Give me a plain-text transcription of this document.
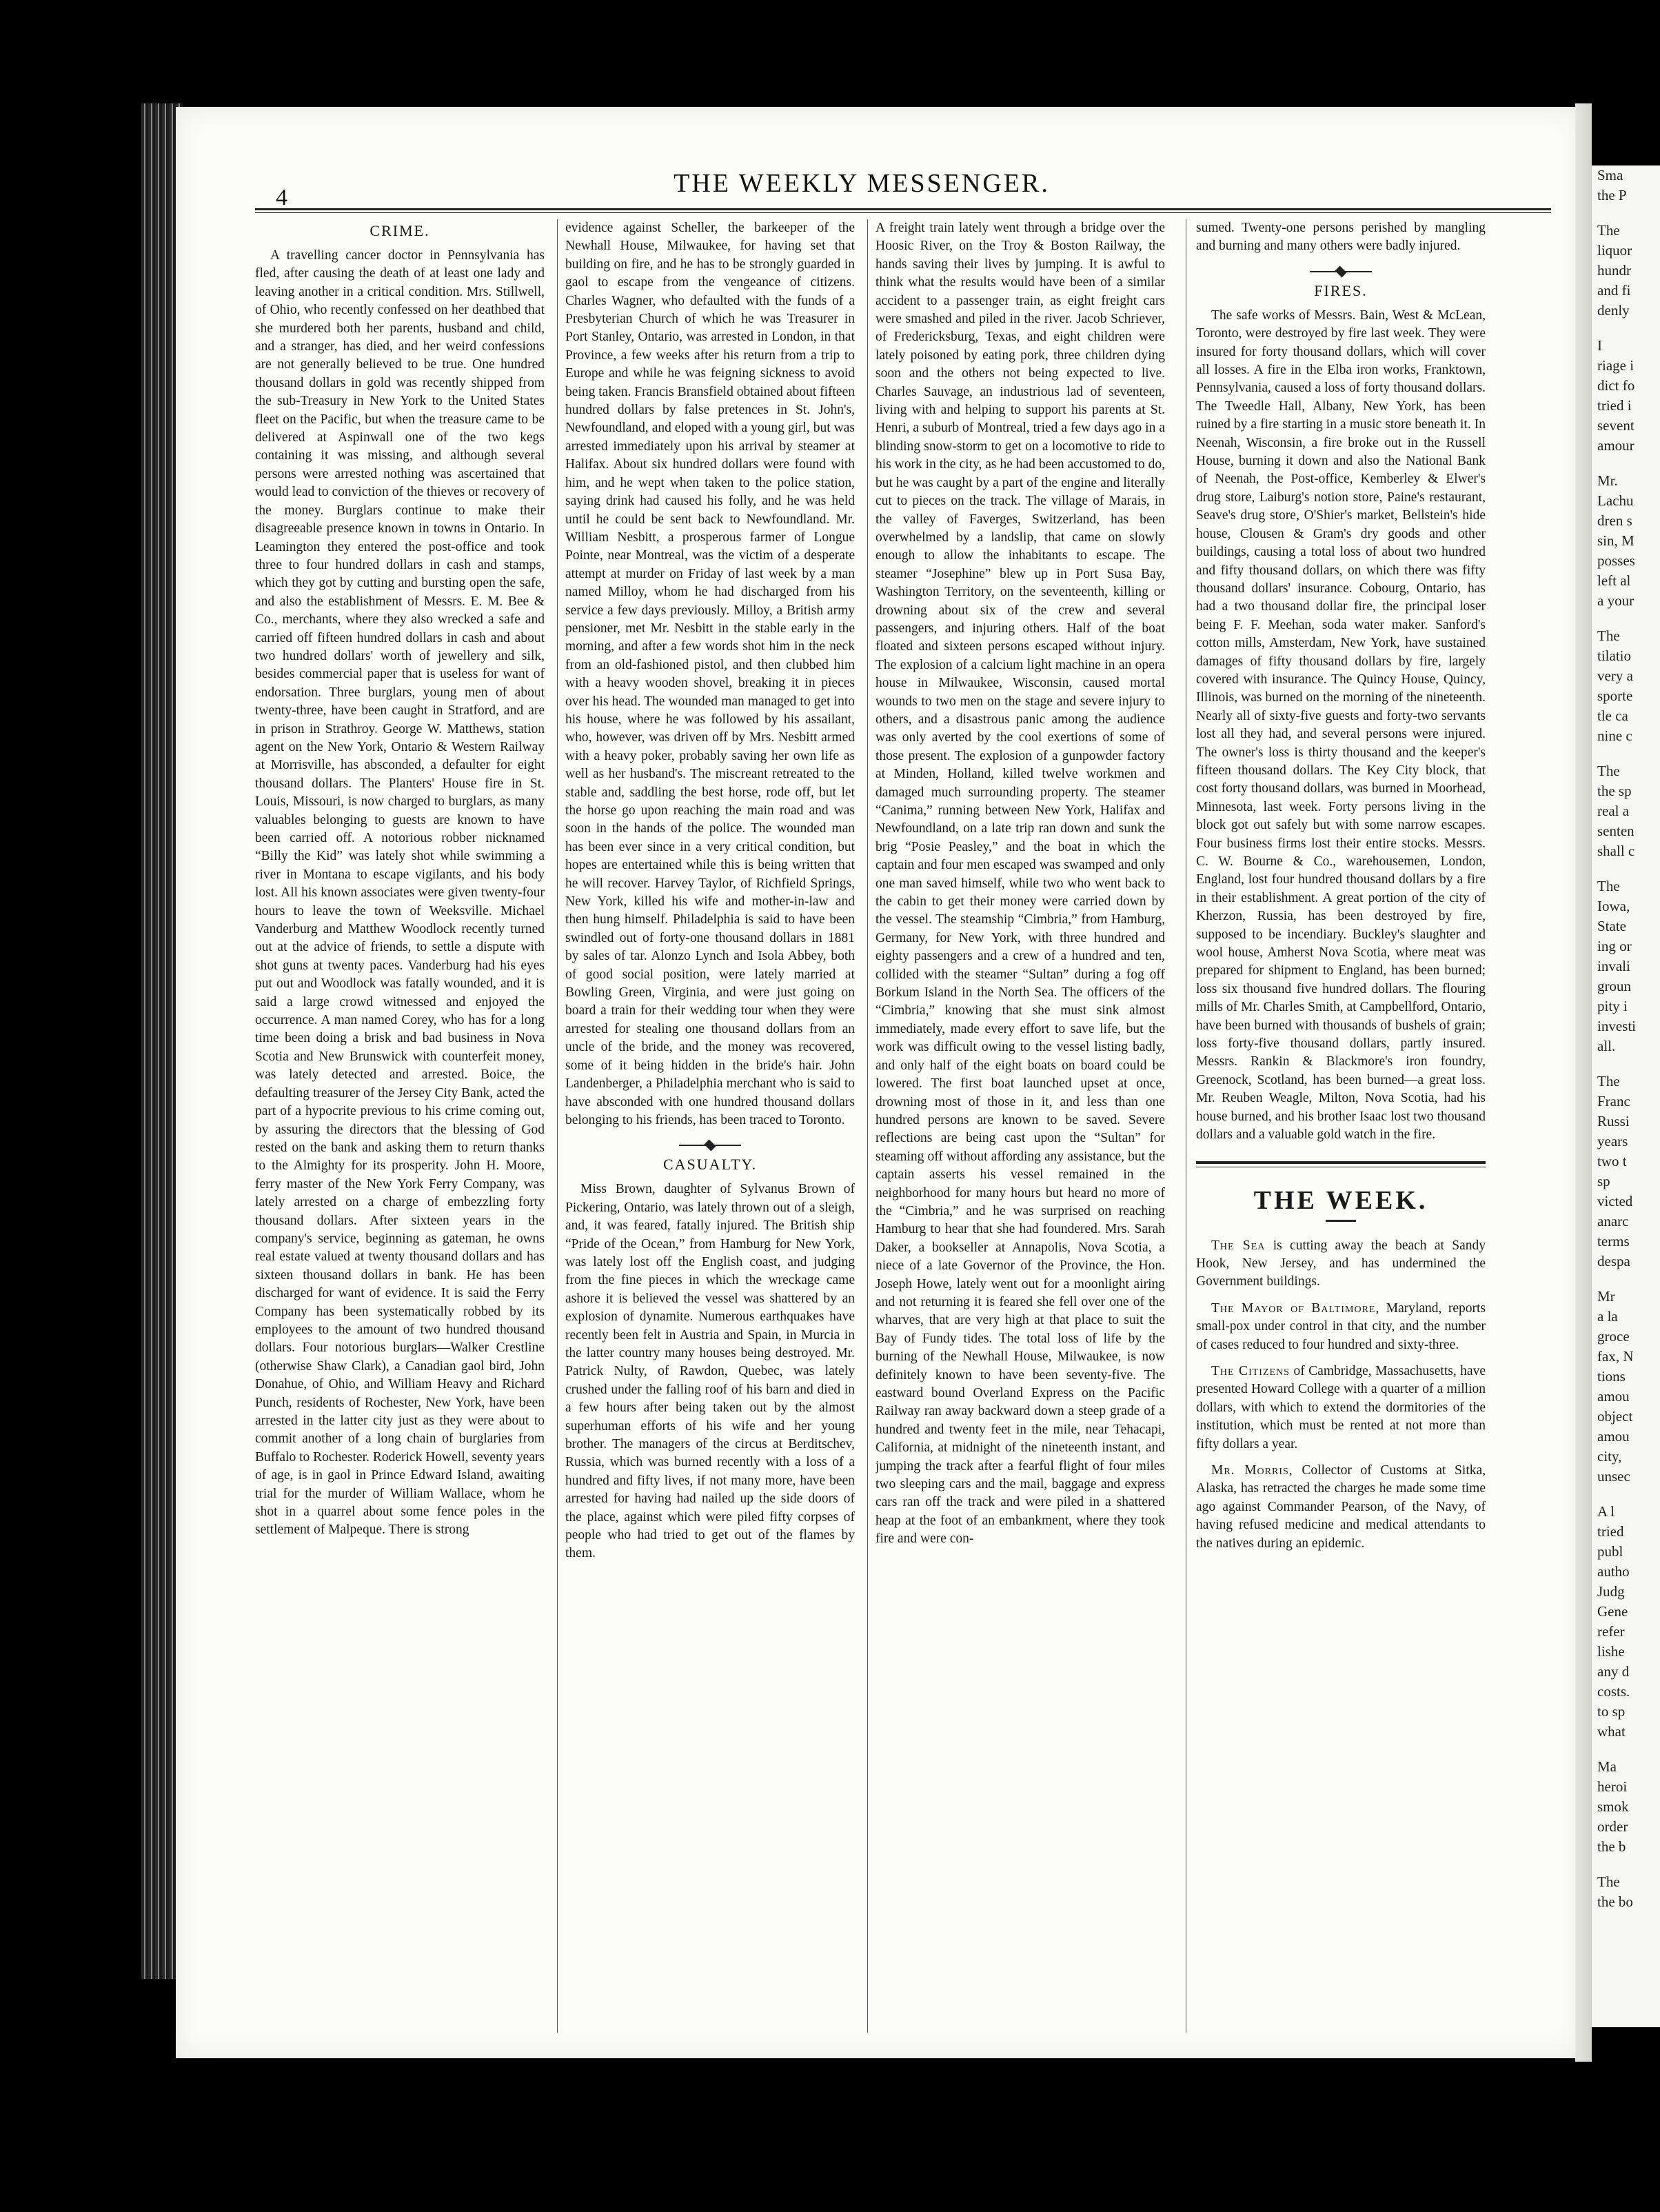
Sma

the P

The

liquor

hundr

and fi

denly

I

riage i

dict fo

tried i

sevent

amour

Mr.

Lachu

dren s

sin, M

posses

left al

a your

The

tilatio

very a

sporte

tle ca

nine c

The

the sp

real a

senten

shall c

The

Iowa,

State

ing or

invali

groun

pity i

investi

all.

The

Franc

Russi

years

two t

sp

victed

anarc

terms

despa

Mr

a la

groce

fax, N

tions

amou

object

amou

city,

unsec

A l

tried

publ

autho

Judg

Gene

refer

lishe

any d

costs.

to sp

what

Ma

heroi

smok

order

the b

The

the bo

4	THE WEEKLY MESSENGER.
CRIME.

A travelling cancer doctor in Pennsylvania has fled, after causing the death of at least one lady and leaving another in a critical condition. Mrs. Stillwell, of Ohio, who recently confessed on her deathbed that she murdered both her parents, husband and child, and a stranger, has died, and her weird confessions are not generally believed to be true. One hundred thousand dollars in gold was recently shipped from the sub-Treasury in New York to the United States fleet on the Pacific, but when the treasure came to be delivered at Aspinwall one of the two kegs containing it was missing, and although several persons were arrested nothing was ascertained that would lead to conviction of the thieves or recovery of the money. Burglars continue to make their disagreeable presence known in towns in Ontario. In Leamington they entered the post-office and took three to four hundred dollars in cash and stamps, which they got by cutting and bursting open the safe, and also the establishment of Messrs. E. M. Bee & Co., merchants, where they also wrecked a safe and carried off fifteen hundred dollars in cash and about two hundred dollars' worth of jewellery and silk, besides commercial paper that is useless for want of endorsation. Three burglars, young men of about twenty-three, have been caught in Stratford, and are in prison in Strathroy. George W. Matthews, station agent on the New York, Ontario & Western Railway at Morrisville, has absconded, a defaulter for eight thousand dollars. The Planters' House fire in St. Louis, Missouri, is now charged to burglars, as many valuables belonging to guests are known to have been carried off. A notorious robber nicknamed “Billy the Kid” was lately shot while swimming a river in Montana to escape vigilants, and his body lost. All his known associates were given twenty-four hours to leave the town of Weeksville. Michael Vanderburg and Matthew Woodlock recently turned out at the advice of friends, to settle a dispute with shot guns at twenty paces. Vanderburg had his eyes put out and Woodlock was fatally wounded, and it is said a large crowd witnessed and enjoyed the occurrence. A man named Corey, who has for a long time been doing a brisk and bad business in Nova Scotia and New Brunswick with counterfeit money, was lately detected and arrested. Boice, the defaulting treasurer of the Jersey City Bank, acted the part of a hypocrite previous to his crime coming out, by assuring the directors that the blessing of God rested on the bank and asking them to return thanks to the Almighty for its prosperity. John H. Moore, ferry master of the New York Ferry Company, was lately arrested on a charge of embezzling forty thousand dollars. After sixteen years in the company's service, beginning as gateman, he owns real estate valued at twenty thousand dollars and has sixteen thousand dollars in bank. He has been discharged for want of evidence. It is said the Ferry Company has been systematically robbed by its employees to the amount of two hundred thousand dollars. Four notorious burglars—Walker Crestline (otherwise Shaw Clark), a Canadian gaol bird, John Donahue, of Ohio, and William Heavy and Richard Punch, residents of Rochester, New York, have been arrested in the latter city just as they were about to commit another of a long chain of burglaries from Buffalo to Rochester. Roderick Howell, seventy years of age, is in gaol in Prince Edward Island, awaiting trial for the murder of William Wallace, whom he shot in a quarrel about some fence poles in the settlement of Malpeque. There is strong

evidence against Scheller, the barkeeper of the Newhall House, Milwaukee, for having set that building on fire, and he has to be strongly guarded in gaol to escape from the vengeance of citizens. Charles Wagner, who defaulted with the funds of a Presbyterian Church of which he was Treasurer in Port Stanley, Ontario, was arrested in London, in that Province, a few weeks after his return from a trip to Europe and while he was feigning sickness to avoid being taken. Francis Bransfield obtained about fifteen hundred dollars by false pretences in St. John's, Newfoundland, and eloped with a young girl, but was arrested immediately upon his arrival by steamer at Halifax. About six hundred dollars were found with him, and he wept when taken to the police station, saying drink had caused his folly, and he was held until he could be sent back to Newfoundland. Mr. William Nesbitt, a prosperous farmer of Longue Pointe, near Montreal, was the victim of a desperate attempt at murder on Friday of last week by a man named Milloy, whom he had discharged from his service a few days previously. Milloy, a British army pensioner, met Mr. Nesbitt in the stable early in the morning, and after a few words shot him in the neck from an old-fashioned pistol, and then clubbed him with a heavy wooden shovel, breaking it in pieces over his head. The wounded man managed to get into his house, where he was followed by his assailant, who, however, was driven off by Mrs. Nesbitt armed with a heavy poker, probably saving her own life as well as her husband's. The miscreant retreated to the stable and, saddling the best horse, rode off, but let the horse go upon reaching the main road and was soon in the hands of the police. The wounded man has been ever since in a very critical condition, but hopes are entertained while this is being written that he will recover. Harvey Taylor, of Richfield Springs, New York, killed his wife and mother-in-law and then hung himself. Philadelphia is said to have been swindled out of forty-one thousand dollars in 1881 by sales of tar. Alonzo Lynch and Isola Abbey, both of good social position, were lately married at Bowling Green, Virginia, and were just going on board a train for their wedding tour when they were arrested for stealing one thousand dollars from an uncle of the bride, and the money was recovered, some of it being hidden in the bride's hair. John Landenberger, a Philadelphia merchant who is said to have absconded with one hundred thousand dollars belonging to his friends, has been traced to Toronto.

CASUALTY.

Miss Brown, daughter of Sylvanus Brown of Pickering, Ontario, was lately thrown out of a sleigh, and, it was feared, fatally injured. The British ship “Pride of the Ocean,” from Hamburg for New York, was lately lost off the English coast, and judging from the fine pieces in which the wreckage came ashore it is believed the vessel was shattered by an explosion of dynamite. Numerous earthquakes have recently been felt in Austria and Spain, in Murcia in the latter country many houses being destroyed. Mr. Patrick Nulty, of Rawdon, Quebec, was lately crushed under the falling roof of his barn and died in a few hours after being taken out by the almost superhuman efforts of his wife and her young brother. The managers of the circus at Berditschev, Russia, which was burned recently with a loss of a hundred and fifty lives, if not many more, have been arrested for having had nailed up the side doors of the place, against which were piled fifty corpses of people who had tried to get out of the flames by them.

A freight train lately went through a bridge over the Hoosic River, on the Troy & Boston Railway, the hands saving their lives by jumping. It is awful to think what the results would have been of a similar accident to a passenger train, as eight freight cars were smashed and piled in the river. Jacob Schriever, of Fredericksburg, Texas, and eight children were lately poisoned by eating pork, three children dying soon and the others not being expected to live. Charles Sauvage, an industrious lad of seventeen, living with and helping to support his parents at St. Henri, a suburb of Montreal, tried a few days ago in a blinding snow-storm to get on a locomotive to ride to his work in the city, as he had been accustomed to do, but he was caught by a part of the engine and literally cut to pieces on the track. The village of Marais, in the valley of Faverges, Switzerland, has been overwhelmed by a landslip, that came on slowly enough to allow the inhabitants to escape. The steamer “Josephine” blew up in Port Susa Bay, Washington Territory, on the seventeenth, killing or drowning about six of the crew and several passengers, and injuring others. Half of the boat floated and sixteen persons escaped without injury. The explosion of a calcium light machine in an opera house in Milwaukee, Wisconsin, caused mortal wounds to two men on the stage and severe injury to others, and a disastrous panic among the audience was only averted by the cool exertions of some of those present. The explosion of a gunpowder factory at Minden, Holland, killed twelve workmen and damaged much surrounding property. The steamer “Canima,” running between New York, Halifax and Newfoundland, on a late trip ran down and sunk the brig “Posie Peasley,” and the boat in which the captain and four men escaped was swamped and only one man saved himself, while two who went back to the cabin to get their money were carried down by the vessel. The steamship “Cimbria,” from Hamburg, Germany, for New York, with three hundred and eighty passengers and a crew of a hundred and ten, collided with the steamer “Sultan” during a fog off Borkum Island in the North Sea. The officers of the “Cimbria,” knowing that she must sink almost immediately, made every effort to save life, but the work was difficult owing to the vessel listing badly, and only half of the eight boats on board could be lowered. The first boat launched upset at once, drowning most of those in it, and less than one hundred persons are known to be saved. Severe reflections are being cast upon the “Sultan” for steaming off without affording any assistance, but the captain asserts his vessel remained in the neighborhood for many hours but heard no more of the “Cimbria,” and he was surprised on reaching Hamburg to hear that she had foundered. Mrs. Sarah Daker, a bookseller at Annapolis, Nova Scotia, a niece of a late Governor of the Province, the Hon. Joseph Howe, lately went out for a moonlight airing and not returning it is feared she fell over one of the wharves, that are very high at that place to suit the Bay of Fundy tides. The total loss of life by the burning of the Newhall House, Milwaukee, is now definitely known to have been seventy-five. The eastward bound Overland Express on the Pacific Railway ran away backward down a steep grade of a hundred and twenty feet in the mile, near Tehacapi, California, at midnight of the nineteenth instant, and jumping the track after a fearful flight of four miles two sleeping cars and the mail, baggage and express cars ran off the track and were piled in a shattered heap at the foot of an embankment, where they took fire and were con-

sumed. Twenty-one persons perished by mangling and burning and many others were badly injured.

FIRES.

The safe works of Messrs. Bain, West & McLean, Toronto, were destroyed by fire last week. They were insured for forty thousand dollars, which will cover all losses. A fire in the Elba iron works, Franktown, Pennsylvania, caused a loss of forty thousand dollars. The Tweedle Hall, Albany, New York, has been ruined by a fire starting in a music store beneath it. In Neenah, Wisconsin, a fire broke out in the Russell House, burning it down and also the National Bank of Neenah, the Post-office, Kemberley & Elwer's drug store, Laiburg's notion store, Paine's restaurant, Seave's drug store, O'Shier's market, Bellstein's hide house, Clousen & Gram's dry goods and other buildings, causing a total loss of about two hundred and fifty thousand dollars, on which there was fifty thousand dollars' insurance. Cobourg, Ontario, has had a two thousand dollar fire, the principal loser being F. F. Meehan, soda water maker. Sanford's cotton mills, Amsterdam, New York, have sustained damages of fifty thousand dollars by fire, largely covered with insurance. The Quincy House, Quincy, Illinois, was burned on the morning of the nineteenth. Nearly all of sixty-five guests and forty-two servants lost all they had, and several persons were injured. The owner's loss is thirty thousand and the keeper's fifteen thousand dollars. The Key City block, that cost forty thousand dollars, was burned in Moorhead, Minnesota, last week. Forty persons living in the block got out safely but with some narrow escapes. Four business firms lost their entire stocks. Messrs. C. W. Bourne & Co., warehousemen, London, England, lost four hundred thousand dollars by a fire in their establishment. A great portion of the city of Kherzon, Russia, has been destroyed by fire, supposed to be incendiary. Buckley's slaughter and wool house, Amherst Nova Scotia, where meat was prepared for shipment to England, has been burned; loss six thousand five hundred dollars. The flouring mills of Mr. Charles Smith, at Campbellford, Ontario, have been burned with thousands of bushels of grain; loss forty-five thousand dollars, partly insured. Messrs. Rankin & Blackmore's iron foundry, Greenock, Scotland, has been burned—a great loss. Mr. Reuben Weagle, Milton, Nova Scotia, had his house burned, and his brother Isaac lost two thousand dollars and a valuable gold watch in the fire.

THE WEEK.

The Sea is cutting away the beach at Sandy Hook, New Jersey, and has undermined the Government buildings.

The Mayor of Baltimore, Maryland, reports small-pox under control in that city, and the number of cases reduced to four hundred and sixty-three.

The Citizens of Cambridge, Massachusetts, have presented Howard College with a quarter of a million dollars, with which to extend the dormitories of the institution, which must be rented at not more than fifty dollars a year.

Mr. Morris, Collector of Customs at Sitka, Alaska, has retracted the charges he made some time ago against Commander Pearson, of the Navy, of having refused medicine and medical attendants to the natives during an epidemic.
